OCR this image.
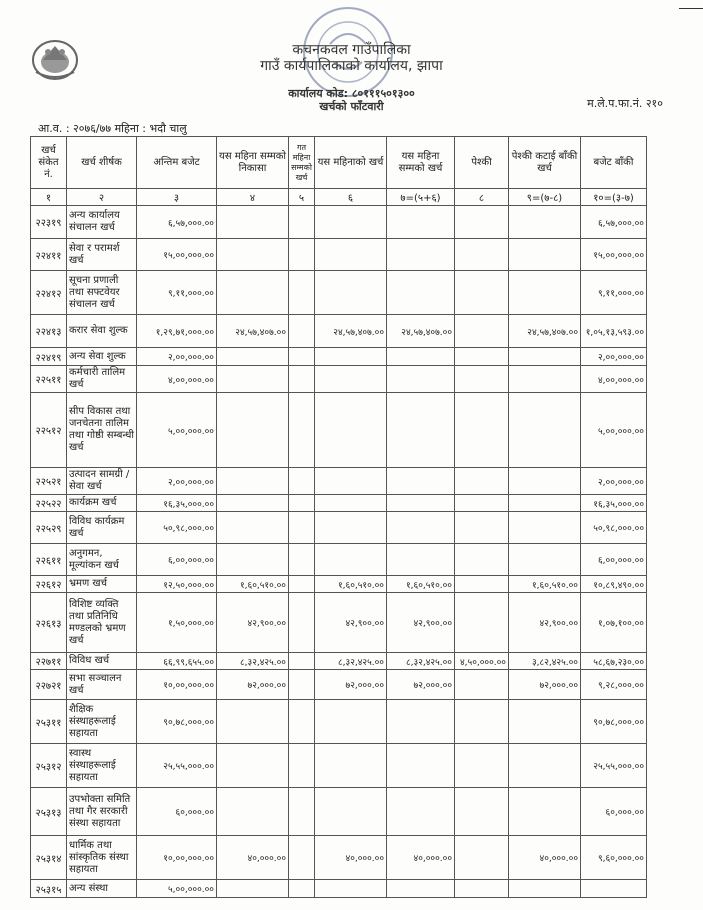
कचनकवल गाउँपालिका
गाउँ कार्यपालिकाको कार्यालय, झापा
कार्यालय कोड: ८०१११५०१३००
खर्चको फाँटवारी	म.ले.प.फा.नं. २१०
आ.व. : २०७६/७७ महिना : भदौ चालु
खर्च संकेत नं.	खर्च शीर्षक	अन्तिम बजेट	यस महिना सम्मको निकासा	गत महिना सम्मको खर्च	यस महिनाको खर्च	यस महिना सम्मको खर्च	पेश्की	पेश्की कटाई बाँकी खर्च	बजेट बाँकी
१	२	३	४	५	६	७=(५+६)	८	९=(७-८)	१०=(३-७)
२२३१९	अन्य कार्यालय संचालन खर्च	६,५७,०००.००							६,५७,०००.००
२२४११	सेवा र परामर्श खर्च	१५,००,०००.००							१५,००,०००.००
२२४१२	सूचना प्रणाली तथा सफ्टवेयर संचालन खर्च	९,११,०००.००							९,११,०००.००
२२४१३	करार सेवा शुल्क	१,२९,७१,०००.००	२४,५७,४०७.००		२४,५७,४०७.००	२४,५७,४०७.००		२४,५७,४०७.००	१,०५,१३,५९३.००
२२४१९	अन्य सेवा शुल्क	२,००,०००.००							२,००,०००.००
२२५११	कर्मचारी तालिम खर्च	४,००,०००.००							४,००,०००.००
२२५१२	सीप विकास तथा जनचेतना तालिम तथा गोष्ठी सम्बन्धी खर्च	५,००,०००.००							५,००,०००.००
२२५२१	उत्पादन सामग्री / सेवा खर्च	२,००,०००.००							२,००,०००.००
२२५२२	कार्यक्रम खर्च	१६,३५,०००.००							१६,३५,०००.००
२२५२९	विविध कार्यक्रम खर्च	५०,९८,०००.००							५०,९८,०००.००
२२६११	अनुगमन, मूल्यांकन खर्च	६,००,०००.००							६,००,०००.००
२२६१२	भ्रमण खर्च	१२,५०,०००.००	१,६०,५१०.००		१,६०,५१०.००	१,६०,५१०.००		१,६०,५१०.००	१०,८९,४९०.००
२२६१३	विशिष्ट व्यक्ति तथा प्रतिनिधि मण्डलको भ्रमण खर्च	१,५०,०००.००	४२,९००.००		४२,९००.००	४२,९००.००		४२,९००.००	१,०७,१००.००
२२७११	विविध खर्च	६६,९९,६५५.००	८,३२,४२५.००		८,३२,४२५.००	८,३२,४२५.००	४,५०,०००.००	३,८२,४२५.००	५८,६७,२३०.००
२२७२१	सभा सञ्चालन खर्च	१०,००,०००.००	७२,०००.००		७२,०००.००	७२,०००.००		७२,०००.००	९,२८,०००.००
२५३११	शैक्षिक संस्थाहरूलाई सहायता	९०,७८,०००.००							९०,७८,०००.००
२५३१२	स्वास्थ संस्थाहरूलाई सहायता	२५,५५,०००.००							२५,५५,०००.००
२५३१३	उपभोक्ता समिति तथा गैर सरकारी संस्था सहायता	६०,०००.००							६०,०००.००
२५३१४	धार्मिक तथा सांस्कृतिक संस्था सहायता	१०,००,०००.००	४०,०००.००		४०,०००.००	४०,०००.००		४०,०००.००	९,६०,०००.००
२५३१५	अन्य संस्था	५,००,०००.००							
